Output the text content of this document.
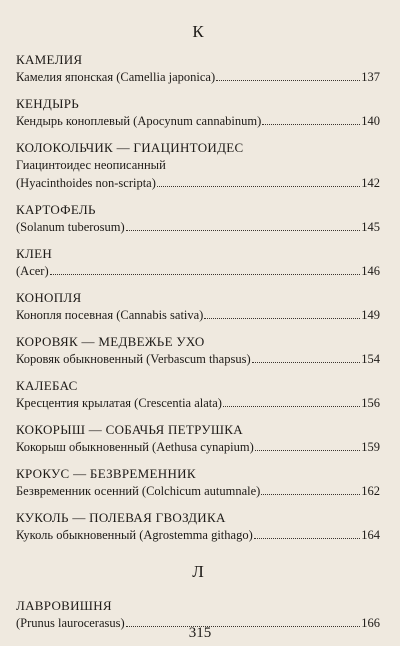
К
КАМЕЛИЯ
Камелия японская (Camellia japonica)	137
КЕНДЫРЬ
Кендырь коноплевый (Apocynum cannabinum)	140
КОЛОКОЛЬЧИК — ГИАЦИНТОИДЕС
Гиацинтоидес неописанный
(Hyacinthoides non-scripta)	142
КАРТОФЕЛЬ
(Solanum tuberosum)	145
КЛЕН
(Acer)	146
КОНОПЛЯ
Конопля посевная (Cannabis sativa)	149
КОРОВЯК — МЕДВЕЖЬЕ УХО
Коровяк обыкновенный (Verbascum thapsus)	154
КАЛЕБАС
Кресцентия крылатая (Crescentia alata)	156
КОКОРЫШ — СОБАЧЬЯ ПЕТРУШКА
Кокорыш обыкновенный (Aethusa cynapium)	159
КРОКУС — БЕЗВРЕМЕННИК
Безвременник осенний (Colchicum autumnale)	162
КУКОЛЬ — ПОЛЕВАЯ ГВОЗДИКА
Куколь обыкновенный (Agrostemma githago)	164
Л
ЛАВРОВИШНЯ
(Prunus laurocerasus)	166
315
